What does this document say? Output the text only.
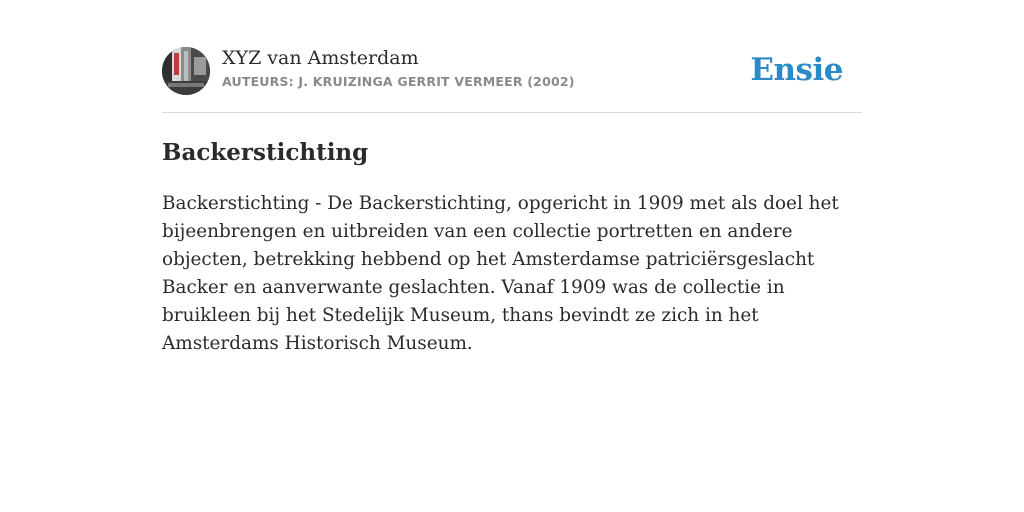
XYZ van Amsterdam
AUTEURS: J. KRUIZINGA GERRIT VERMEER (2002)	Ensie
Backerstichting

Backerstichting - De Backerstichting, opgericht in 1909 met als doel het bijeenbrengen en uitbreiden van een collectie portretten en andere objecten, betrekking hebbend op het Amsterdamse patriciërsgeslacht Backer en aanverwante geslachten. Vanaf 1909 was de collectie in bruikleen bij het Stedelijk Museum, thans bevindt ze zich in het Amsterdams Historisch Museum.
